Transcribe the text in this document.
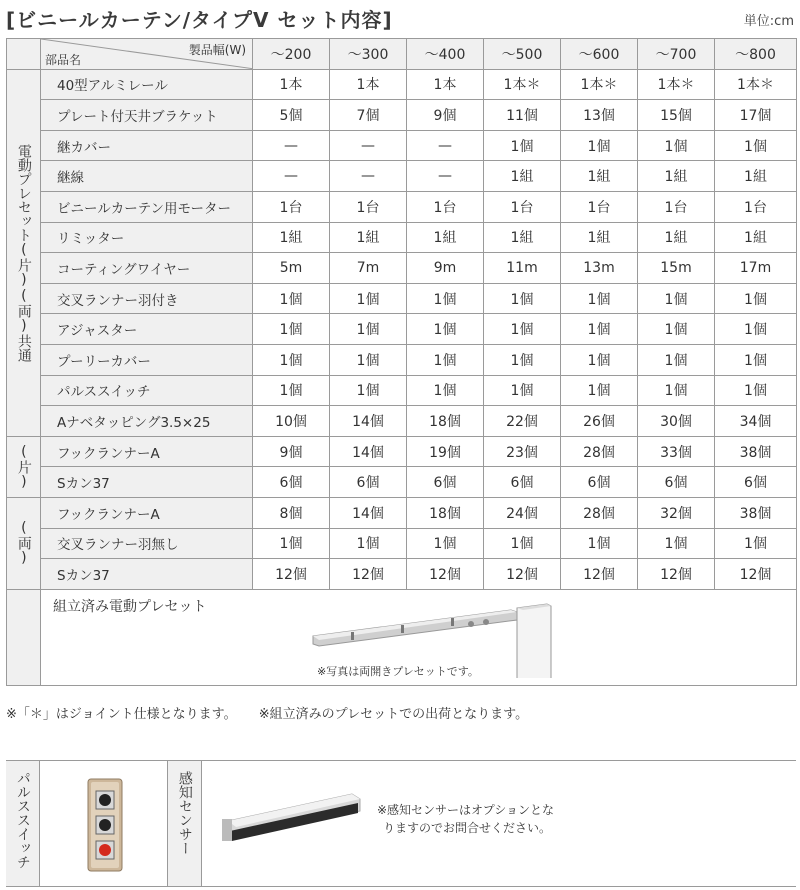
[ビニールカーテン/タイプV セット内容]	単位:cm

	製品幅(W)
部品名	～200	～300	～400	～500	～600	～700	～800

電動プレセット(片)(両)共通	40型アルミレール	1本	1本	1本	1本＊	1本＊	1本＊	1本＊
	プレート付天井ブラケット	5個	7個	9個	11個	13個	15個	17個
	継カバー	—	—	—	1個	1個	1個	1個
	継線	—	—	—	1組	1組	1組	1組
	ビニールカーテン用モーター	1台	1台	1台	1台	1台	1台	1台
	リミッター	1組	1組	1組	1組	1組	1組	1組
	コーティングワイヤー	5m	7m	9m	11m	13m	15m	17m
	交叉ランナー羽付き	1個	1個	1個	1個	1個	1個	1個
	アジャスター	1個	1個	1個	1個	1個	1個	1個
	プーリーカバー	1個	1個	1個	1個	1個	1個	1個
	パルススイッチ	1個	1個	1個	1個	1個	1個	1個
	Aナベタッピング3.5×25	10個	14個	18個	22個	26個	30個	34個

(片)	フックランナーA	9個	14個	19個	23個	28個	33個	38個
	Sカン37	6個	6個	6個	6個	6個	6個	6個

(両)	フックランナーA	8個	14個	18個	24個	28個	32個	38個
	交叉ランナー羽無し	1個	1個	1個	1個	1個	1個	1個
	Sカン37	12個	12個	12個	12個	12個	12個	12個

	組立済み電動プレセット
※写真は両開きプレセットです。							
※「＊」はジョイント仕様となります。 ※組立済みのプレセットでの出荷となります。
パルススイッチ	感知センサー	※感知センサーはオプションとな
りますのでお問合せください。
